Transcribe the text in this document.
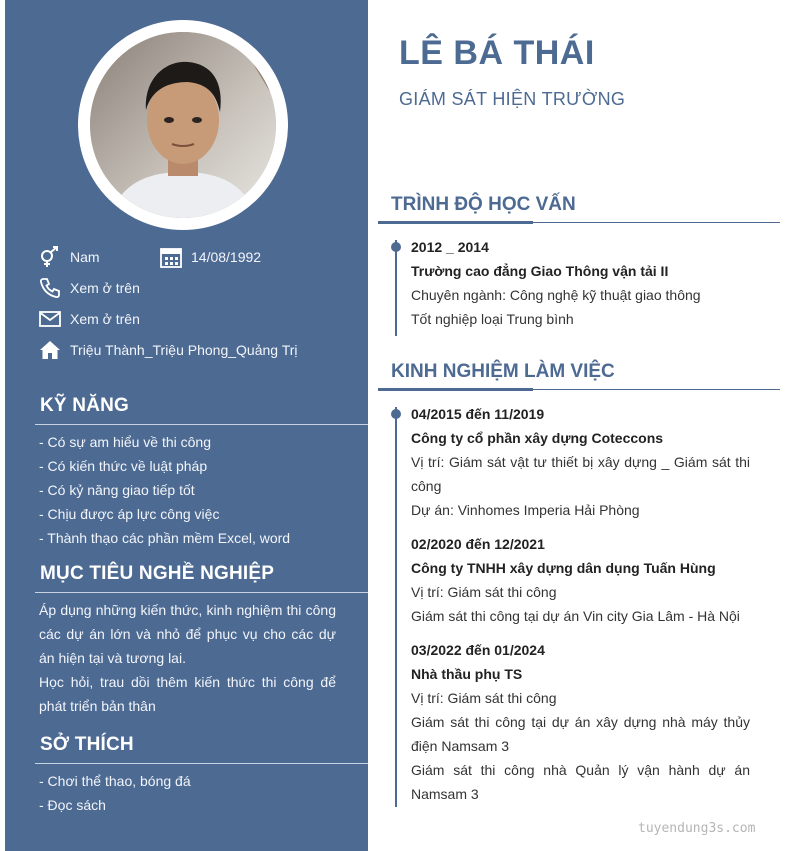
Nam	14/08/1992
Xem ở trên
Xem ở trên
Triệu Thành_Triệu Phong_Quảng Trị
KỸ NĂNG
- Có sự am hiểu về thi công
- Có kiến thức về luật pháp
- Có kỷ năng giao tiếp tốt
- Chịu được áp lực công việc
- Thành thạo các phần mềm Excel, word
MỤC TIÊU NGHỀ NGHIỆP
Áp dụng những kiến thức, kinh nghiệm thi công các dự án lớn và nhỏ để phục vụ cho các dự án hiện tại và tương lai.
Học hỏi, trau dồi thêm kiến thức thi công để phát triển bản thân
SỞ THÍCH
- Chơi thể thao, bóng đá
- Đọc sách
LÊ BÁ THÁI
GIÁM SÁT HIỆN TRƯỜNG
TRÌNH ĐỘ HỌC VẤN
2012 _ 2014
Trường cao đẳng Giao Thông vận tải II
Chuyên ngành: Công nghệ kỹ thuật giao thông
Tốt nghiệp loại Trung bình
KINH NGHIỆM LÀM VIỆC
04/2015 đến 11/2019
Công ty cổ phần xây dựng Coteccons
Vị trí: Giám sát vật tư thiết bị xây dựng _ Giám sát thi công
Dự án: Vinhomes Imperia Hải Phòng
02/2020 đến 12/2021
Công ty TNHH xây dựng dân dụng Tuấn Hùng
Vị trí: Giám sát thi công
Giám sát thi công tại dự án Vin city Gia Lâm - Hà Nội
03/2022 đến 01/2024
Nhà thầu phụ TS
Vị trí: Giám sát thi công
Giám sát thi công tại dự án xây dựng nhà máy thủy điện Namsam 3
Giám sát thi công nhà Quản lý vận hành dự án Namsam 3
tuyendung3s.com
